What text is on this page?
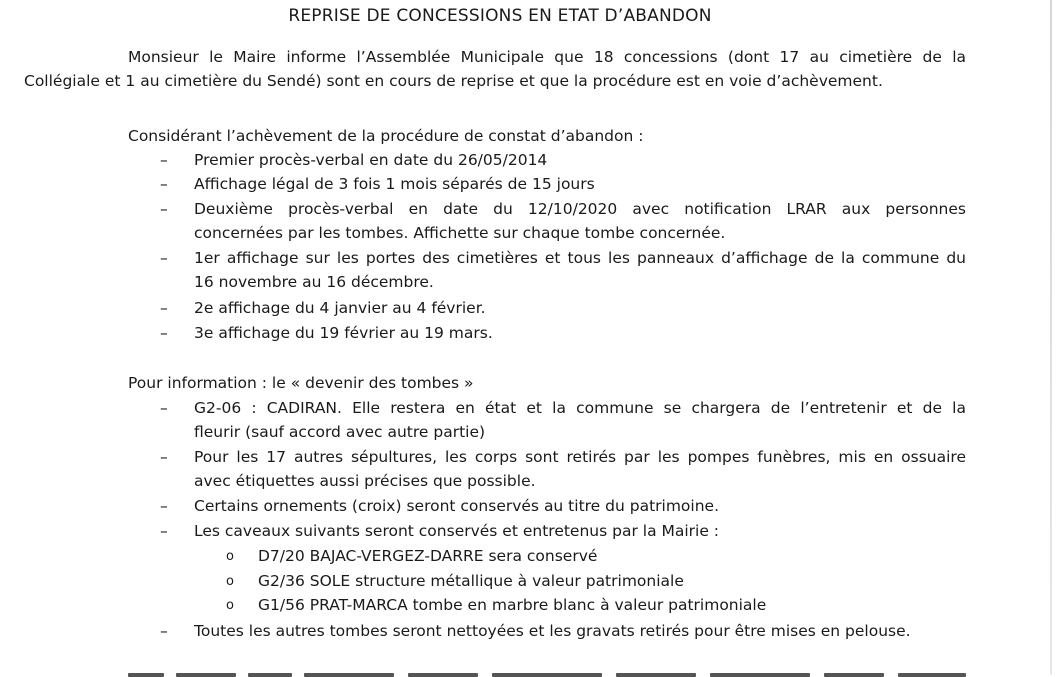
REPRISE DE CONCESSIONS EN ETAT D’ABANDON
Monsieur le Maire informe l’Assemblée Municipale que 18 concessions (dont 17 au cimetière de la
Collégiale et 1 au cimetière du Sendé) sont en cours de reprise et que la procédure est en voie d’achèvement.
Considérant l’achèvement de la procédure de constat d’abandon :
–	Premier procès-verbal en date du 26/05/2014
–	Affichage légal de 3 fois 1 mois séparés de 15 jours
–	Deuxième procès-verbal en date du 12/10/2020 avec notification LRAR aux personnes
concernées par les tombes. Affichette sur chaque tombe concernée.
–	1er affichage sur les portes des cimetières et tous les panneaux d’affichage de la commune du
16 novembre au 16 décembre.
–	2e affichage du 4 janvier au 4 février.
–	3e affichage du 19 février au 19 mars.
Pour information : le « devenir des tombes »
–	G2-06 : CADIRAN. Elle restera en état et la commune se chargera de l’entretenir et de la
fleurir (sauf accord avec autre partie)
–	Pour les 17 autres sépultures, les corps sont retirés par les pompes funèbres, mis en ossuaire
avec étiquettes aussi précises que possible.
–	Certains ornements (croix) seront conservés au titre du patrimoine.
–	Les caveaux suivants seront conservés et entretenus par la Mairie :
o D7/20 BAJAC-VERGEZ-DARRE sera conservé
o G2/36 SOLE structure métallique à valeur patrimoniale
o G1/56 PRAT-MARCA tombe en marbre blanc à valeur patrimoniale
–	Toutes les autres tombes seront nettoyées et les gravats retirés pour être mises en pelouse.
